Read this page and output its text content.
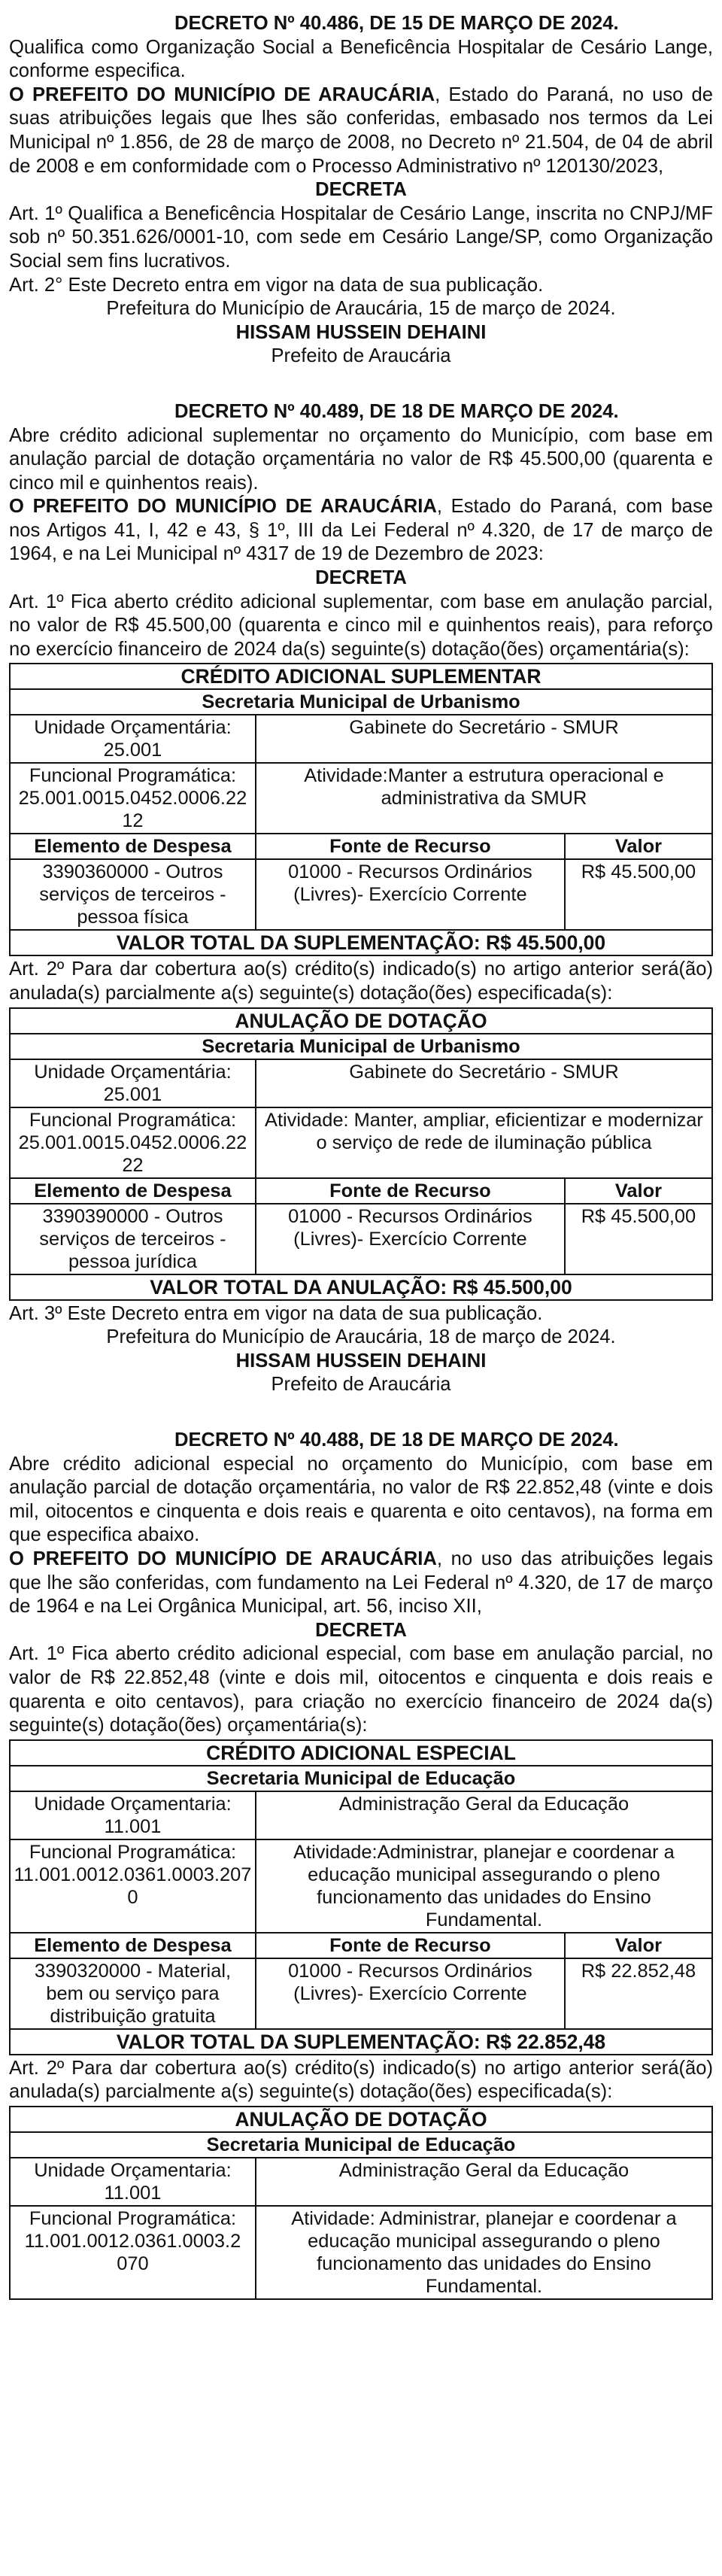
DECRETO Nº 40.486, DE 15 DE MARÇO DE 2024.

Qualifica como Organização Social a Beneficência Hospitalar de Cesário Lange, conforme especifica.

O PREFEITO DO MUNICÍPIO DE ARAUCÁRIA, Estado do Paraná, no uso de suas atribuições legais que lhes são conferidas, embasado nos termos da Lei Municipal nº 1.856, de 28 de março de 2008, no Decreto nº 21.504, de 04 de abril de 2008 e em conformidade com o Processo Administrativo nº 120130/2023,

DECRETA

Art. 1º Qualifica a Beneficência Hospitalar de Cesário Lange, inscrita no CNPJ/MF sob nº 50.351.626/0001-10, com sede em Cesário Lange/SP, como Organização Social sem fins lucrativos.

Art. 2° Este Decreto entra em vigor na data de sua publicação.

Prefeitura do Município de Araucária, 15 de março de 2024.

HISSAM HUSSEIN DEHAINI

Prefeito de Araucária

DECRETO Nº 40.489, DE 18 DE MARÇO DE 2024.

Abre crédito adicional suplementar no orçamento do Município, com base em anulação parcial de dotação orçamentária no valor de R$ 45.500,00 (quarenta e cinco mil e quinhentos reais).

O PREFEITO DO MUNICÍPIO DE ARAUCÁRIA, Estado do Paraná, com base nos Artigos 41, I, 42 e 43, § 1º, III da Lei Federal nº 4.320, de 17 de março de 1964, e na Lei Municipal nº 4317 de 19 de Dezembro de 2023:

DECRETA

Art. 1º Fica aberto crédito adicional suplementar, com base em anulação parcial, no valor de R$ 45.500,00 (quarenta e cinco mil e quinhentos reais), para reforço no exercício financeiro de 2024 da(s) seguinte(s) dotação(ões) orçamentária(s):

CRÉDITO ADICIONAL SUPLEMENTAR		
Secretaria Municipal de Urbanismo		

Unidade Orçamentária:
25.001	Gabinete do Secretário - SMUR	

Funcional Programática:
25.001.0015.0452.0006.22 12	Atividade:Manter a estrutura operacional e administrativa da SMUR	
Elemento de Despesa	Fonte de Recurso	Valor
3390360000 - Outros serviços de terceiros - pessoa física	01000 - Recursos Ordinários (Livres)- Exercício Corrente	R$ 45.500,00
VALOR TOTAL DA SUPLEMENTAÇÃO: R$ 45.500,00		

Art. 2º Para dar cobertura ao(s) crédito(s) indicado(s) no artigo anterior será(ão) anulada(s) parcialmente a(s) seguinte(s) dotação(ões) especificada(s):

ANULAÇÃO DE DOTAÇÃO		
Secretaria Municipal de Urbanismo		

Unidade Orçamentária:
25.001	Gabinete do Secretário - SMUR	

Funcional Programática:
25.001.0015.0452.0006.22 22	Atividade: Manter, ampliar, eficientizar e modernizar o serviço de rede de iluminação pública	
Elemento de Despesa	Fonte de Recurso	Valor
3390390000 - Outros serviços de terceiros - pessoa jurídica	01000 - Recursos Ordinários (Livres)- Exercício Corrente	R$ 45.500,00
VALOR TOTAL DA ANULAÇÃO: R$ 45.500,00		

Art. 3º Este Decreto entra em vigor na data de sua publicação.

Prefeitura do Município de Araucária, 18 de março de 2024.

HISSAM HUSSEIN DEHAINI

Prefeito de Araucária

DECRETO Nº 40.488, DE 18 DE MARÇO DE 2024.

Abre crédito adicional especial no orçamento do Município, com base em anulação parcial de dotação orçamentária, no valor de R$ 22.852,48 (vinte e dois mil, oitocentos e cinquenta e dois reais e quarenta e oito centavos), na forma em que especifica abaixo.

O PREFEITO DO MUNICÍPIO DE ARAUCÁRIA, no uso das atribuições legais que lhe são conferidas, com fundamento na Lei Federal nº 4.320, de 17 de março de 1964 e na Lei Orgânica Municipal, art. 56, inciso XII,

DECRETA

Art. 1º Fica aberto crédito adicional especial, com base em anulação parcial, no valor de R$ 22.852,48 (vinte e dois mil, oitocentos e cinquenta e dois reais e quarenta e oito centavos), para criação no exercício financeiro de 2024 da(s) seguinte(s) dotação(ões) orçamentária(s):

CRÉDITO ADICIONAL ESPECIAL		
Secretaria Municipal de Educação		

Unidade Orçamentaria:
11.001	Administração Geral da Educação	

Funcional Programática:
11.001.0012.0361.0003.207 0	Atividade:Administrar, planejar e coordenar a educação municipal assegurando o pleno funcionamento das unidades do Ensino Fundamental.	
Elemento de Despesa	Fonte de Recurso	Valor
3390320000 - Material, bem ou serviço para distribuição gratuita	01000 - Recursos Ordinários (Livres)- Exercício Corrente	R$ 22.852,48
VALOR TOTAL DA SUPLEMENTAÇÃO: R$ 22.852,48		

Art. 2º Para dar cobertura ao(s) crédito(s) indicado(s) no artigo anterior será(ão) anulada(s) parcialmente a(s) seguinte(s) dotação(ões) especificada(s):

ANULAÇÃO DE DOTAÇÃO	
Secretaria Municipal de Educação	

Unidade Orçamentaria:
11.001	Administração Geral da Educação

Funcional Programática:
11.001.0012.0361.0003.2 070	Atividade: Administrar, planejar e coordenar a educação municipal assegurando o pleno funcionamento das unidades do Ensino Fundamental.
